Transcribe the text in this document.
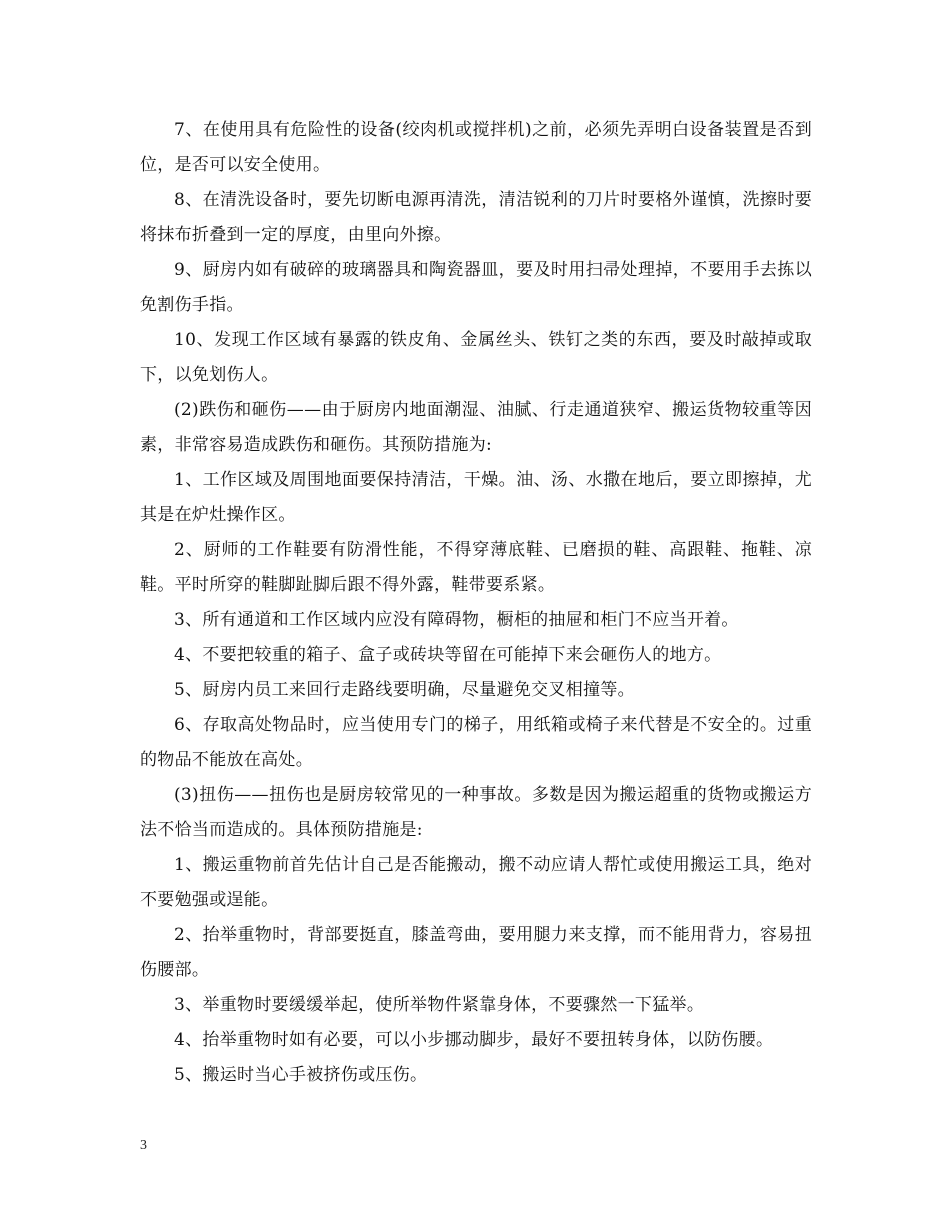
7、在使用具有危险性的设备(绞肉机或搅拌机)之前，必须先弄明白设备装置是否到位，是否可以安全使用。

8、在清洗设备时，要先切断电源再清洗，清洁锐利的刀片时要格外谨慎，洗擦时要将抹布折叠到一定的厚度，由里向外擦。

9、厨房内如有破碎的玻璃器具和陶瓷器皿，要及时用扫帚处理掉，不要用手去拣以免割伤手指。

10、发现工作区域有暴露的铁皮角、金属丝头、铁钉之类的东西，要及时敲掉或取下，以免划伤人。

(2)跌伤和砸伤——由于厨房内地面潮湿、油腻、行走通道狭窄、搬运货物较重等因素，非常容易造成跌伤和砸伤。其预防措施为:

1、工作区域及周围地面要保持清洁，干燥。油、汤、水撒在地后，要立即擦掉，尤其是在炉灶操作区。

2、厨师的工作鞋要有防滑性能，不得穿薄底鞋、已磨损的鞋、高跟鞋、拖鞋、凉鞋。平时所穿的鞋脚趾脚后跟不得外露，鞋带要系紧。

3、所有通道和工作区域内应没有障碍物，橱柜的抽屉和柜门不应当开着。

4、不要把较重的箱子、盒子或砖块等留在可能掉下来会砸伤人的地方。

5、厨房内员工来回行走路线要明确，尽量避免交叉相撞等。

6、存取高处物品时，应当使用专门的梯子，用纸箱或椅子来代替是不安全的。过重的物品不能放在高处。

(3)扭伤——扭伤也是厨房较常见的一种事故。多数是因为搬运超重的货物或搬运方法不恰当而造成的。具体预防措施是:

1、搬运重物前首先估计自己是否能搬动，搬不动应请人帮忙或使用搬运工具，绝对不要勉强或逞能。

2、抬举重物时，背部要挺直，膝盖弯曲，要用腿力来支撑，而不能用背力，容易扭伤腰部。

3、举重物时要缓缓举起，使所举物件紧靠身体，不要骤然一下猛举。

4、抬举重物时如有必要，可以小步挪动脚步，最好不要扭转身体，以防伤腰。

5、搬运时当心手被挤伤或压伤。

3
